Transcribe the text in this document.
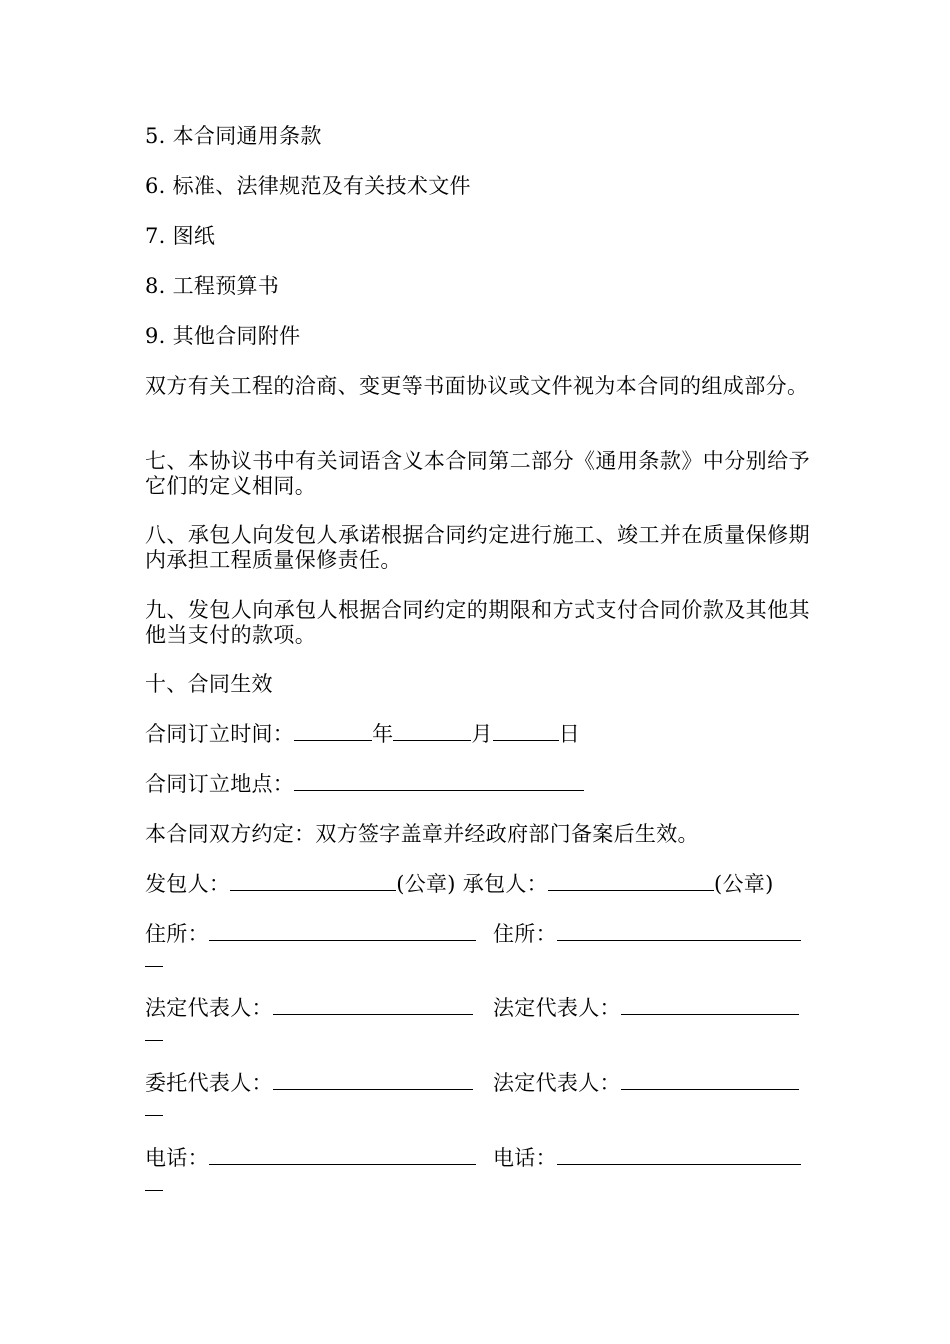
5. 本合同通用条款
6. 标准、法律规范及有关技术文件
7. 图纸
8. 工程预算书
9. 其他合同附件
双方有关工程的洽商、变更等书面协议或文件视为本合同的组成部分。
七、本协议书中有关词语含义本合同第二部分《通用条款》中分别给予它们的定义相同。
八、承包人向发包人承诺根据合同约定进行施工、竣工并在质量保修期内承担工程质量保修责任。
九、发包人向承包人根据合同约定的期限和方式支付合同价款及其他其他当支付的款项。
十、合同生效
合同订立时间：	年	月	日
合同订立地点：
本合同双方约定：双方签字盖章并经政府部门备案后生效。
发包人：	(公章) 承包人：	(公章)
住所：	住所：
法定代表人：	法定代表人：
委托代表人：	法定代表人：
电话：	电话：
